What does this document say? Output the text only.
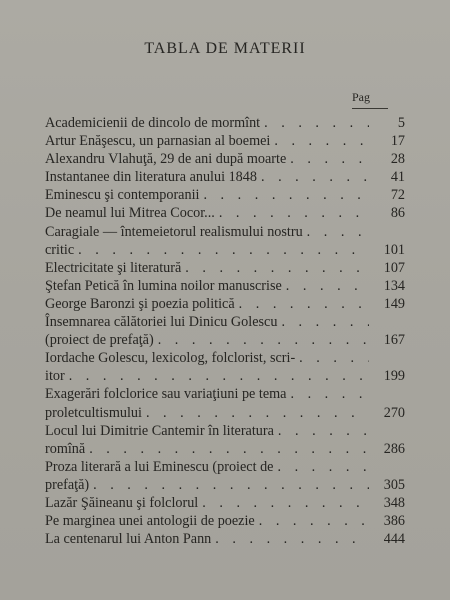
TABLA DE MATERII
Pag
Academicienii de dincolo de mormînt . . .	5
Artur Enăşescu, un parnasian al boemei . . .	17
Alexandru Vlahuţă, 29 de ani după moarte . . .	28
Instantanee din literatura anului 1848 . . .	41
Eminescu şi contemporanii . . .	72
De neamul lui Mitrea Cocor... . . .	86
Caragiale — întemeietorul realismului nostru
. . .
critic . . .	101
Electricitate şi literatură . . .	107
Ştefan Petică în lumina noilor manuscrise . . .	134
George Baronzi şi poezia politică . . .	149
Însemnarea călătoriei lui Dinicu Golescu
. . .
(proiect de prefaţă) . . .	167
Iordache Golescu, lexicolog, folclorist, scri-
. . .
itor . . .	199
Exagerări folclorice sau variaţiuni pe tema
. . .
proletcultismului . . .	270
Locul lui Dimitrie Cantemir în literatura
. . .
romînă . . .	286
Proza literară a lui Eminescu (proiect de
. . .
prefaţă) . . .	305
Lazăr Şăineanu şi folclorul . . .	348
Pe marginea unei antologii de poezie . . .	386
La centenarul lui Anton Pann . . .	444
